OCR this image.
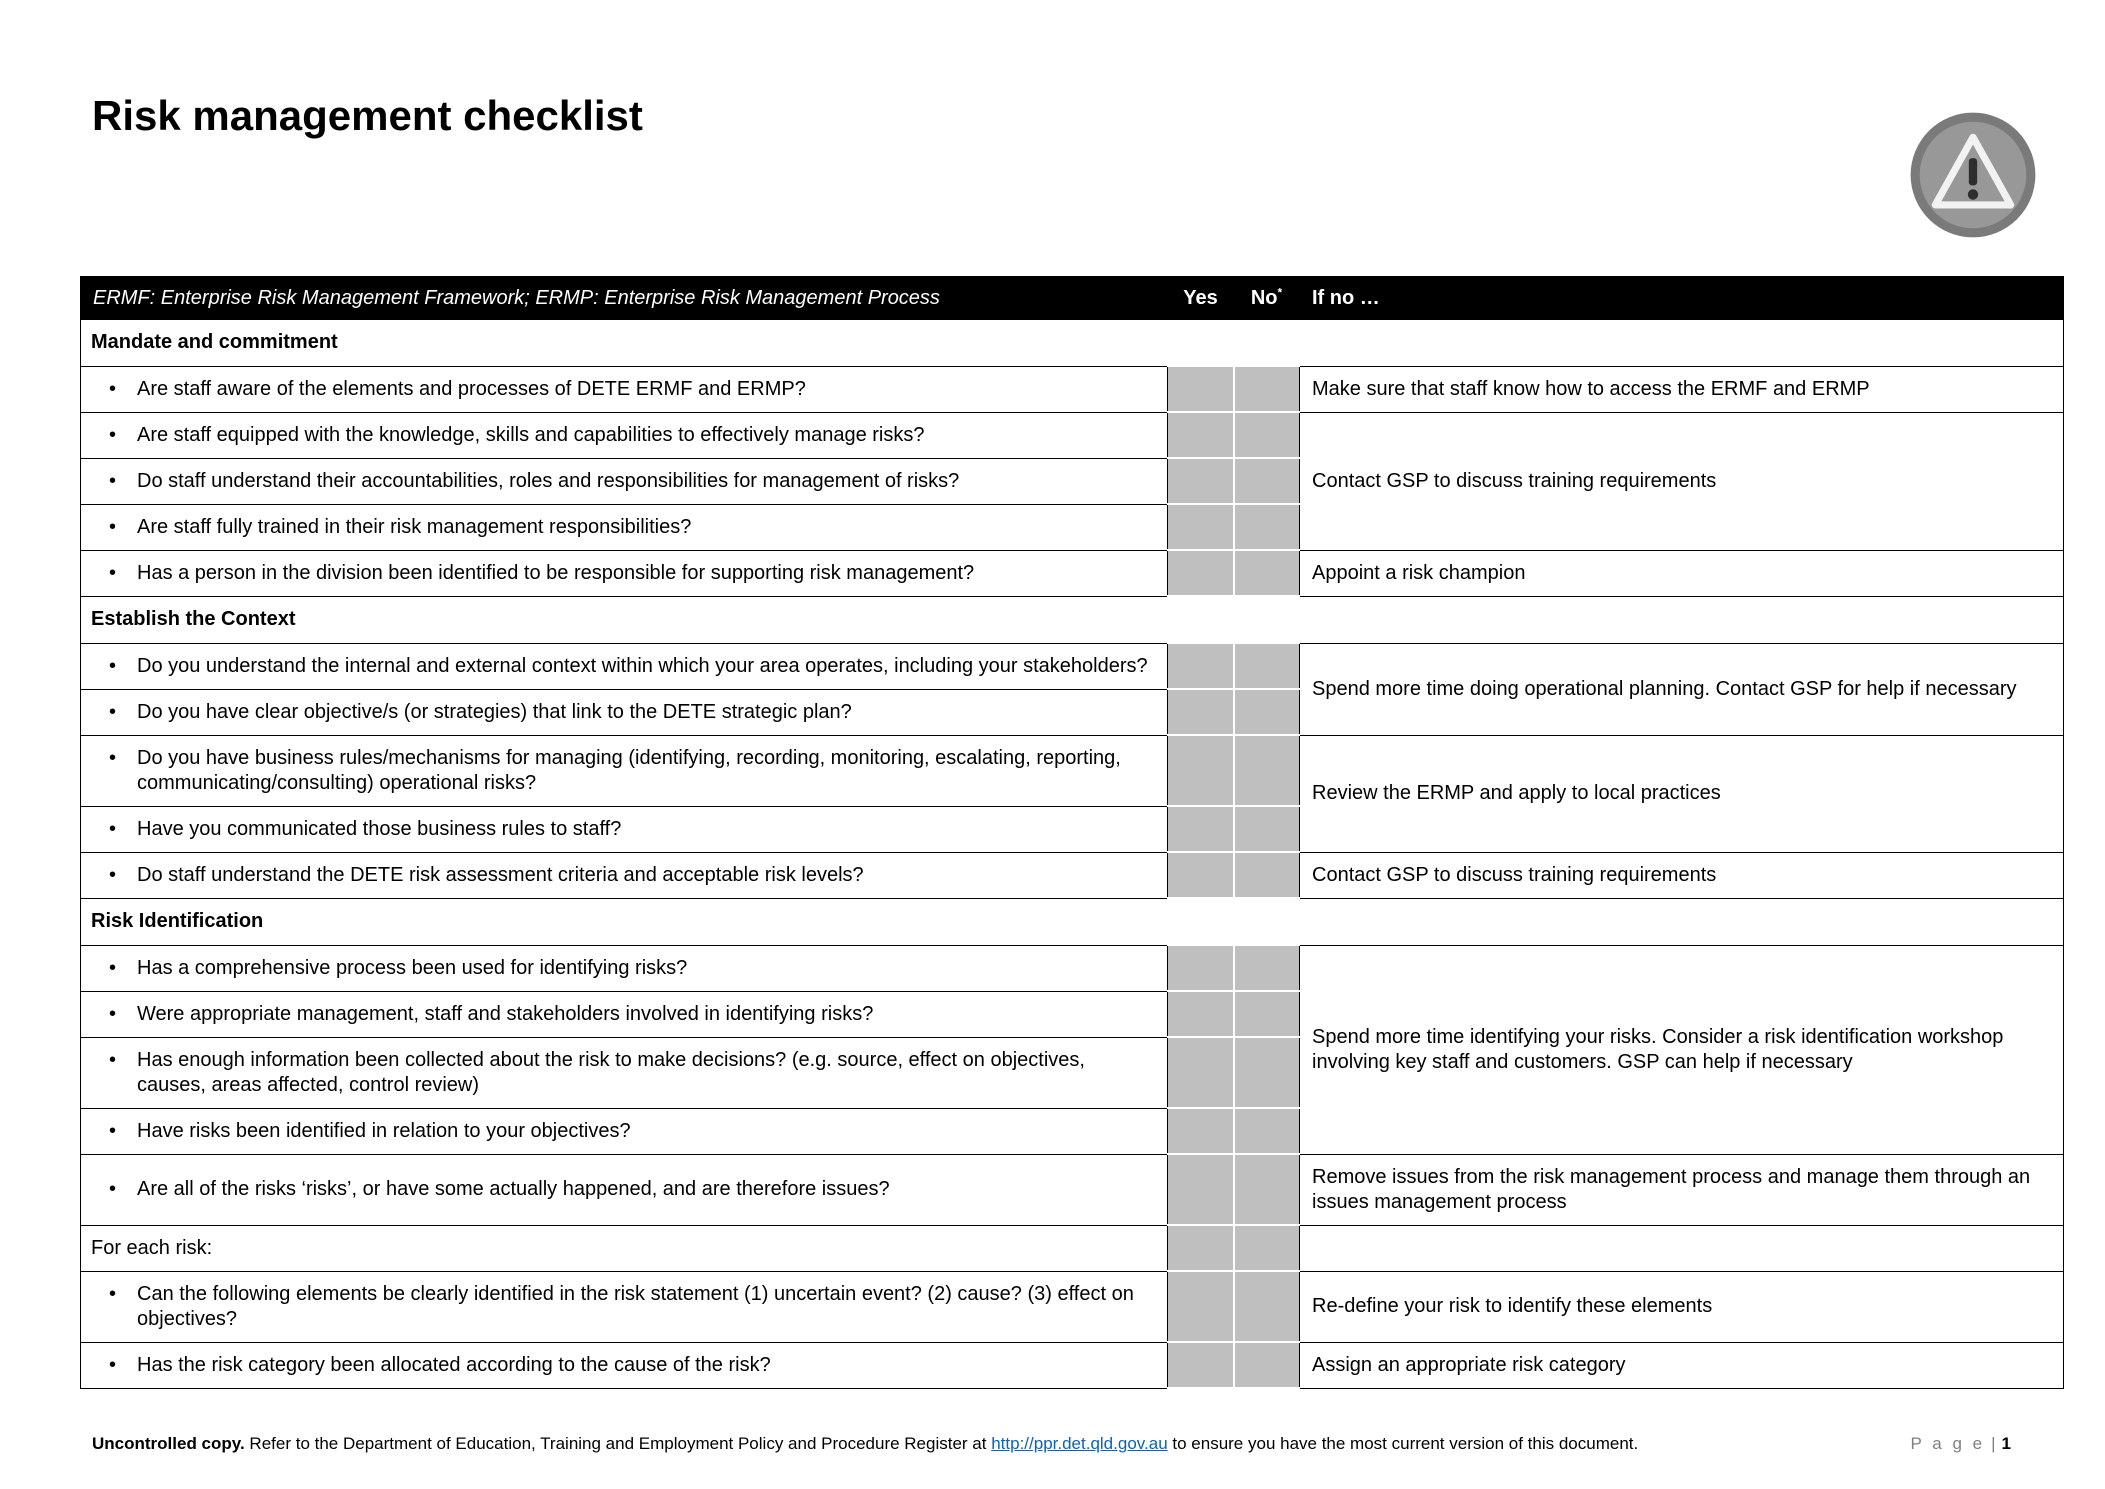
Risk management checklist
ERMF: Enterprise Risk Management Framework; ERMP: Enterprise Risk Management Process	Yes	No*	If no …
Mandate and commitment			

• Are staff aware of the elements and processes of DETE ERMF and ERMP?			Make sure that staff know how to access the ERMF and ERMP

• Are staff equipped with the knowledge, skills and capabilities to effectively manage risks?			Contact GSP to discuss training requirements

• Do staff understand their accountabilities, roles and responsibilities for management of risks?			

• Are staff fully trained in their risk management responsibilities?			

• Has a person in the division been identified to be responsible for supporting risk management?			Appoint a risk champion
Establish the Context			

• Do you understand the internal and external context within which your area operates, including your stakeholders?			Spend more time doing operational planning. Contact GSP for help if necessary

• Do you have clear objective/s (or strategies) that link to the DETE strategic plan?			

• Do you have business rules/mechanisms for managing (identifying, recording, monitoring, escalating, reporting, communicating/consulting) operational risks?			Review the ERMP and apply to local practices

• Have you communicated those business rules to staff?			

• Do staff understand the DETE risk assessment criteria and acceptable risk levels?			Contact GSP to discuss training requirements
Risk Identification			

• Has a comprehensive process been used for identifying risks?			Spend more time identifying your risks. Consider a risk identification workshop involving key staff and customers. GSP can help if necessary

• Were appropriate management, staff and stakeholders involved in identifying risks?			

• Has enough information been collected about the risk to make decisions? (e.g. source, effect on objectives, causes, areas affected, control review)			

• Have risks been identified in relation to your objectives?			

• Are all of the risks ‘risks’, or have some actually happened, and are therefore issues?			Remove issues from the risk management process and manage them through an issues management process

For each risk:			

• Can the following elements be clearly identified in the risk statement (1) uncertain event? (2) cause? (3) effect on objectives?			Re-define your risk to identify these elements

• Has the risk category been allocated according to the cause of the risk?			Assign an appropriate risk category
Uncontrolled copy. Refer to the Department of Education, Training and Employment Policy and Procedure Register at http://ppr.det.qld.gov.au to ensure you have the most current version of this document.	P a g e | 1
